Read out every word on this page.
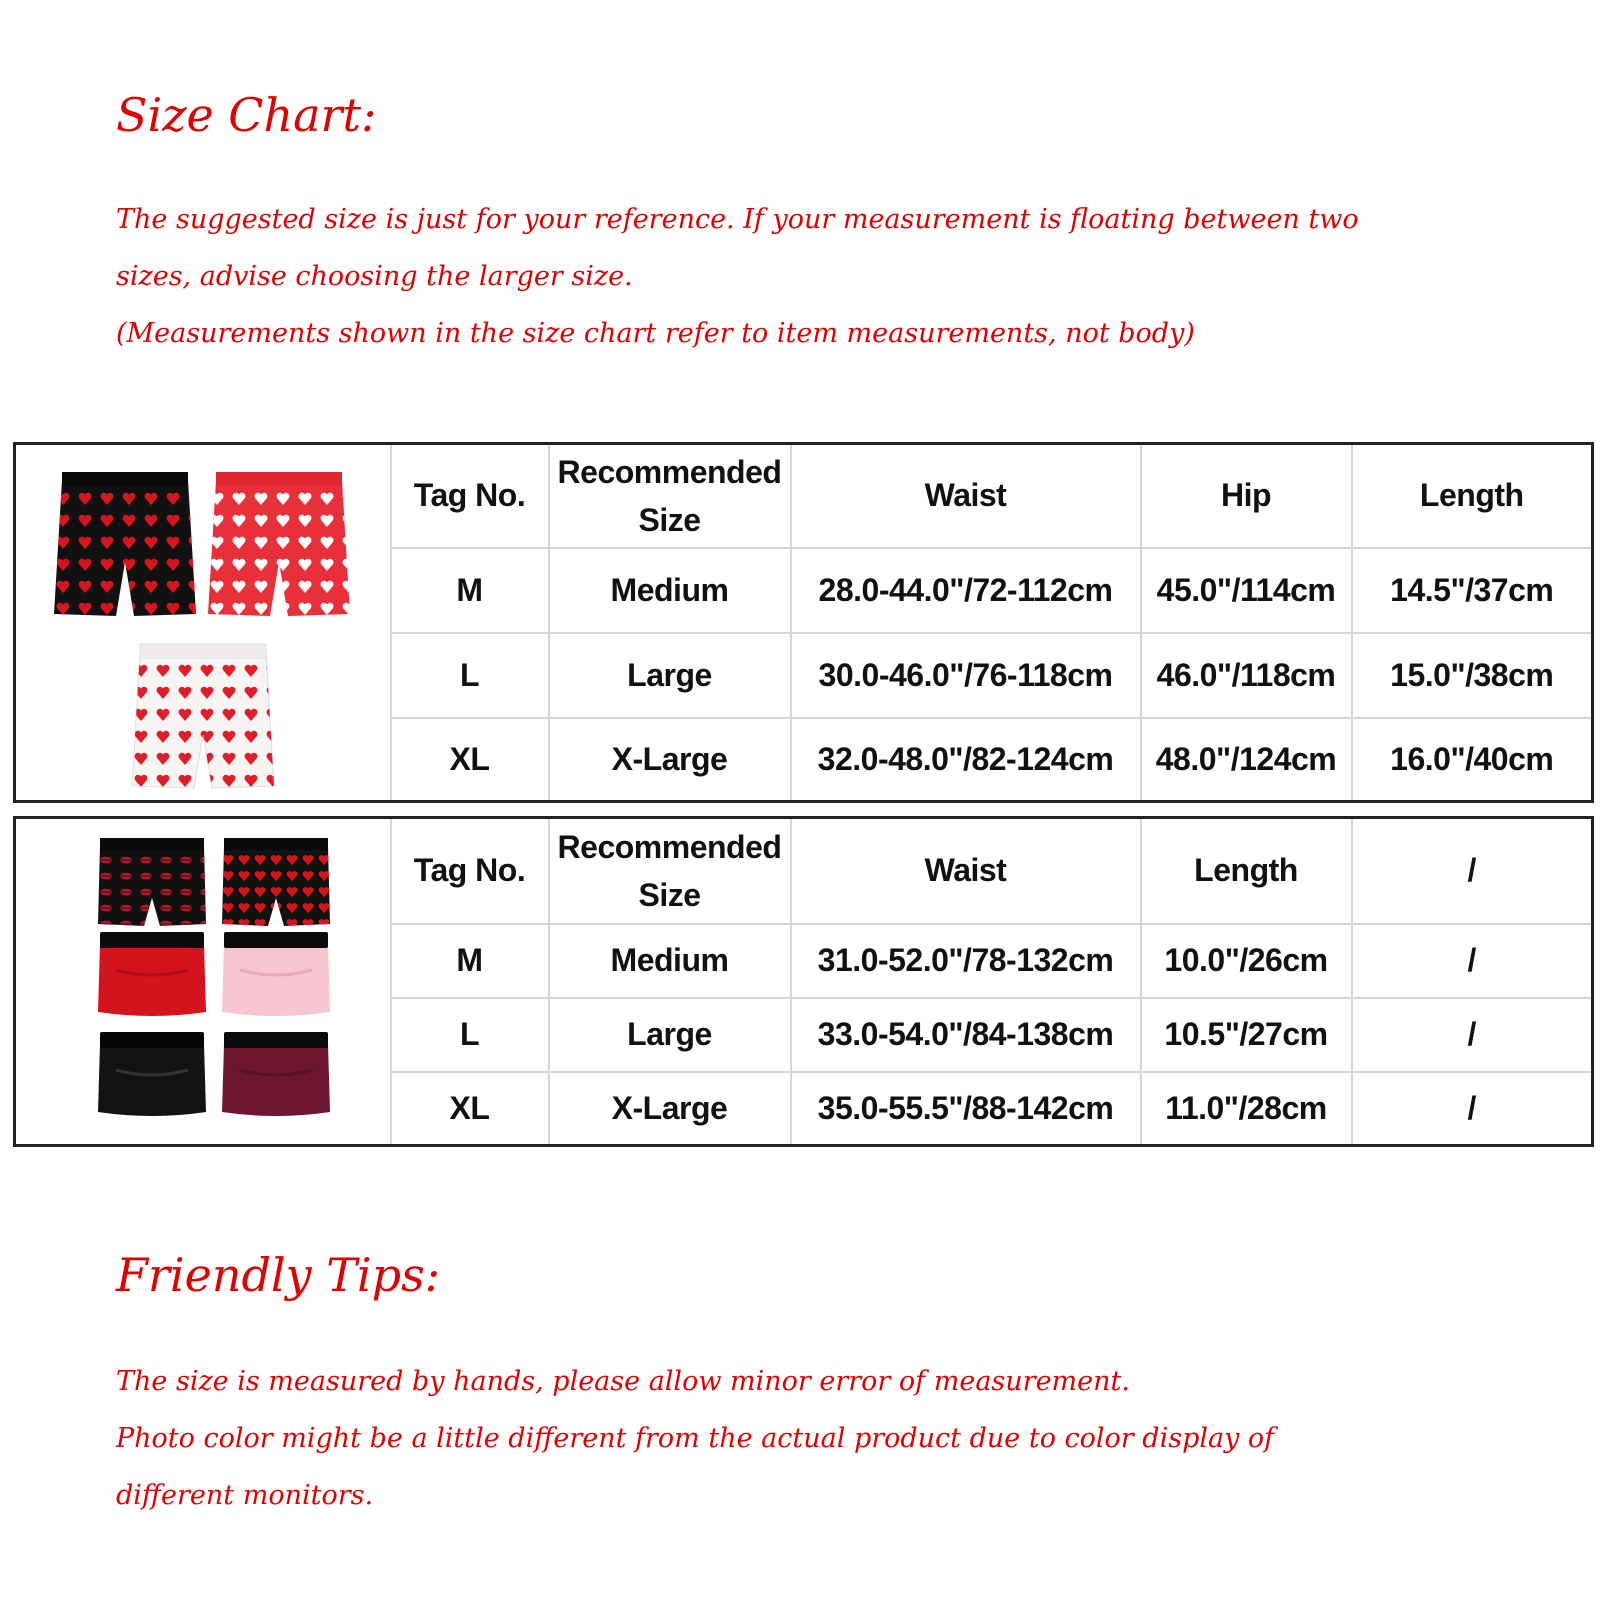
Size Chart:
The suggested size is just for your reference. If your measurement is floating between two
sizes, advise choosing the larger size.
(Measurements shown in the size chart refer to item measurements, not body)
	Tag No.	Recommended
Size	Waist	Hip	Length
	M	Medium	28.0-44.0"/72-112cm	45.0"/114cm	14.5"/37cm
	L	Large	30.0-46.0"/76-118cm	46.0"/118cm	15.0"/38cm
	XL	X-Large	32.0-48.0"/82-124cm	48.0"/124cm	16.0"/40cm
	Tag No.	Recommended
Size	Waist	Length	/
	M	Medium	31.0-52.0"/78-132cm	10.0"/26cm	/
	L	Large	33.0-54.0"/84-138cm	10.5"/27cm	/
	XL	X-Large	35.0-55.5"/88-142cm	11.0"/28cm	/
Friendly Tips:
The size is measured by hands, please allow minor error of measurement.
Photo color might be a little different from the actual product due to color display of
different monitors.
